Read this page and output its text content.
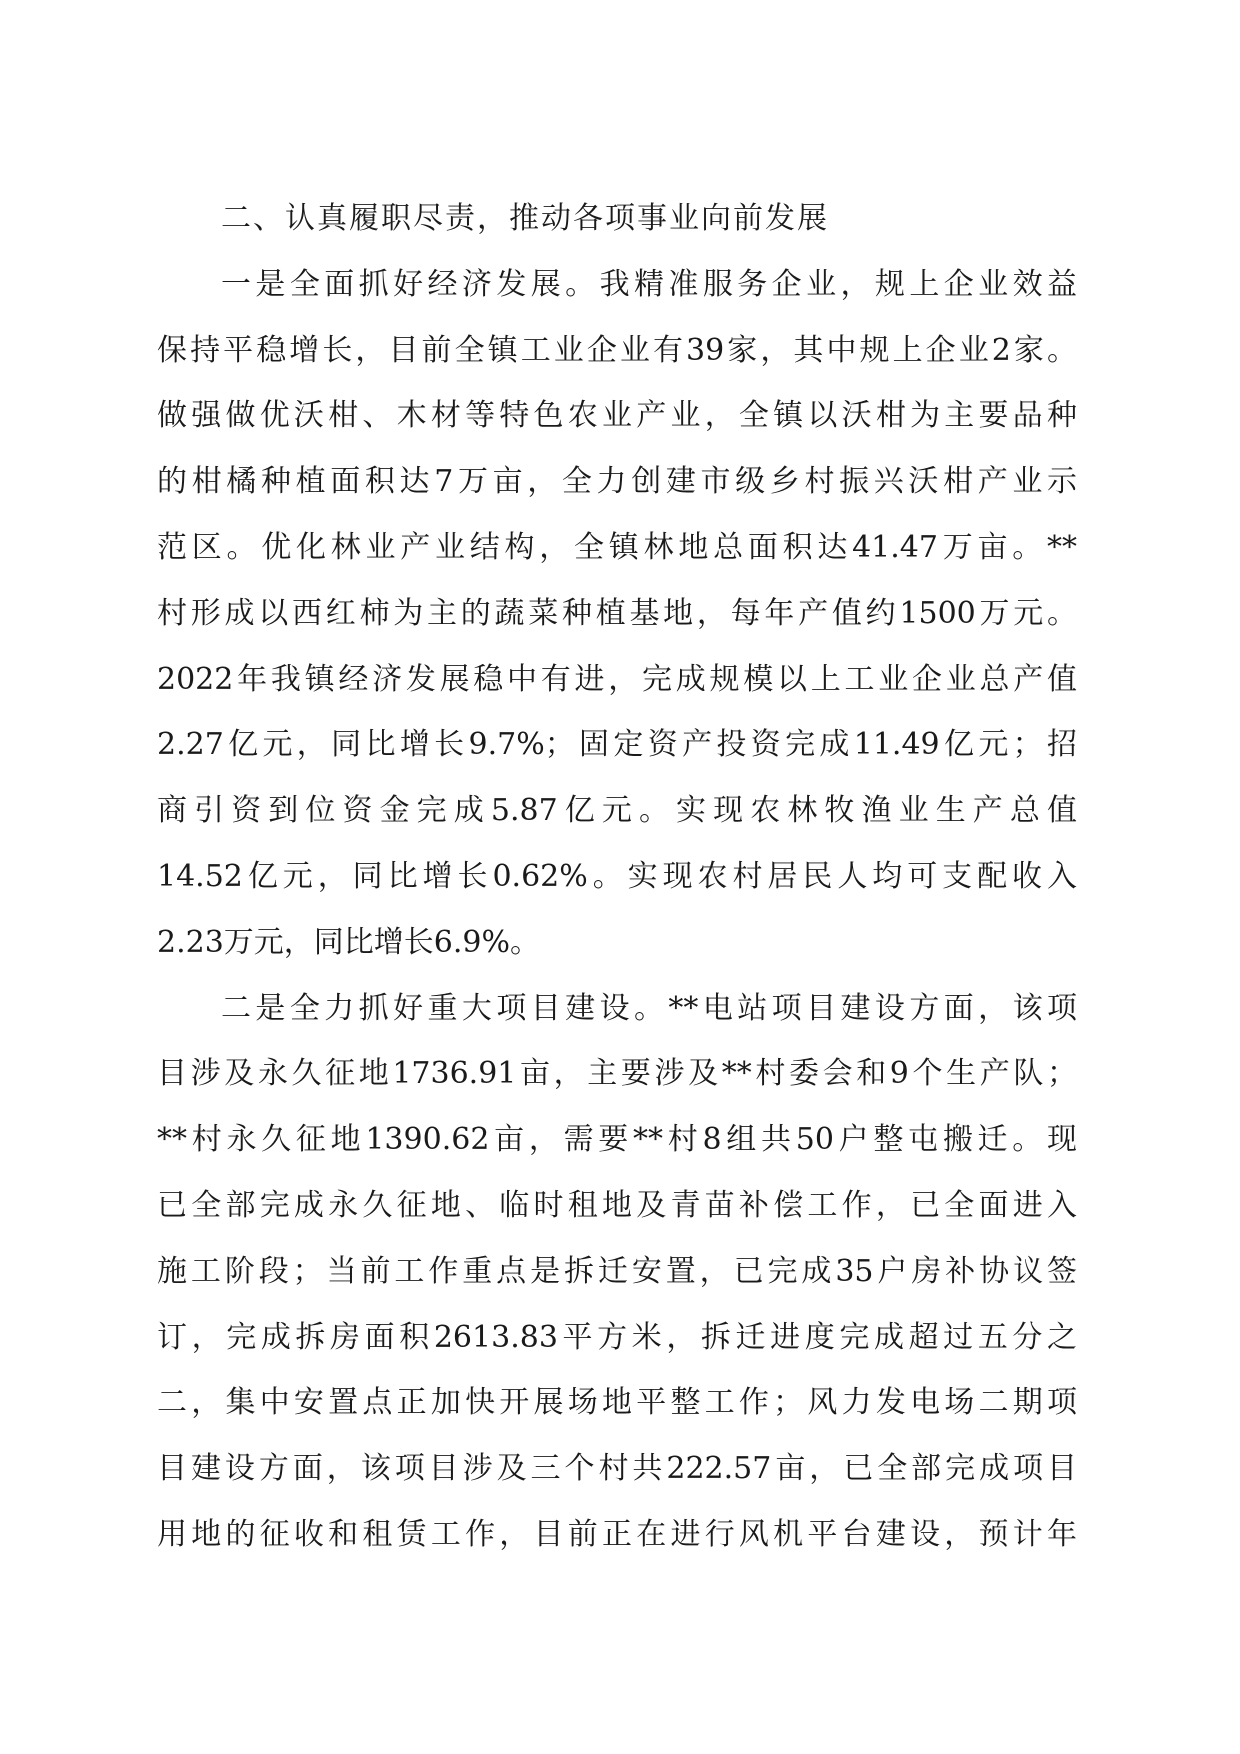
二、认真履职尽责，推动各项事业向前发展
一是全面抓好经济发展。我精准服务企业，规上企业效益
保持平稳增长，目前全镇工业企业有39家，其中规上企业2家。
做强做优沃柑、木材等特色农业产业，全镇以沃柑为主要品种
的柑橘种植面积达7万亩，全力创建市级乡村振兴沃柑产业示
范区。优化林业产业结构，全镇林地总面积达41.47万亩。**
村形成以西红柿为主的蔬菜种植基地，每年产值约1500万元。
2022年我镇经济发展稳中有进，完成规模以上工业企业总产值
2.27亿元，同比增长9.7%；固定资产投资完成11.49亿元；招
商引资到位资金完成5.87亿元。实现农林牧渔业生产总值
14.52亿元，同比增长0.62%。实现农村居民人均可支配收入
2.23万元，同比增长6.9%。
二是全力抓好重大项目建设。**电站项目建设方面，该项
目涉及永久征地1736.91亩，主要涉及**村委会和9个生产队；
**村永久征地1390.62亩，需要**村8组共50户整屯搬迁。现
已全部完成永久征地、临时租地及青苗补偿工作，已全面进入
施工阶段；当前工作重点是拆迁安置，已完成35户房补协议签
订，完成拆房面积2613.83平方米，拆迁进度完成超过五分之
二，集中安置点正加快开展场地平整工作；风力发电场二期项
目建设方面，该项目涉及三个村共222.57亩，已全部完成项目
用地的征收和租赁工作，目前正在进行风机平台建设，预计年
